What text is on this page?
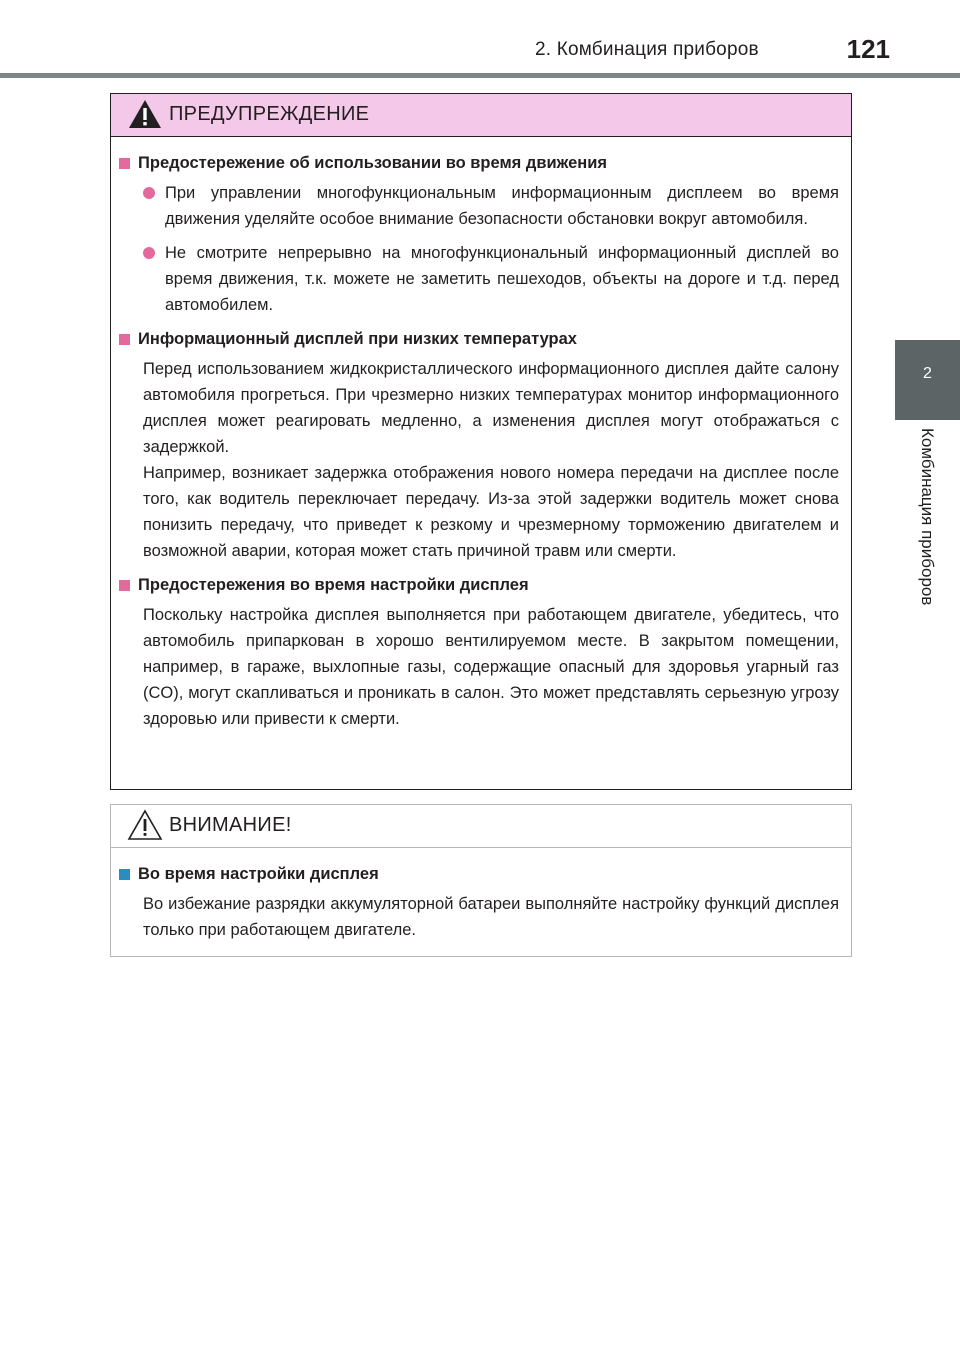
2. Комбинация приборов	121
2
Комбинация приборов
ПРЕДУПРЕЖДЕНИЕ
Предостережение об использовании во время движения
При управлении многофункциональным информационным дисплеем во время движения уделяйте особое внимание безопасности обстановки вокруг автомобиля.
Не смотрите непрерывно на многофункциональный информационный дисплей во время движения, т.к. можете не заметить пешеходов, объекты на дороге и т.д. перед автомобилем.
Информационный дисплей при низких температурах
Перед использованием жидкокристаллического информационного дисплея дайте салону автомобиля прогреться. При чрезмерно низких температурах монитор информационного дисплея может реагировать медленно, а изменения дисплея могут отображаться с задержкой.
Например, возникает задержка отображения нового номера передачи на дисплее после того, как водитель переключает передачу. Из-за этой задержки водитель может снова понизить передачу, что приведет к резкому и чрезмерному торможению двигателем и возможной аварии, которая может стать причиной травм или смерти.
Предостережения во время настройки дисплея
Поскольку настройка дисплея выполняется при работающем двигателе, убедитесь, что автомобиль припаркован в хорошо вентилируемом месте. В закрытом помещении, например, в гараже, выхлопные газы, содержащие опасный для здоровья угарный газ (CO), могут скапливаться и проникать в салон. Это может представлять серьезную угрозу здоровью или привести к смерти.
ВНИМАНИЕ!
Во время настройки дисплея
Во избежание разрядки аккумуляторной батареи выполняйте настройку функций дисплея только при работающем двигателе.
